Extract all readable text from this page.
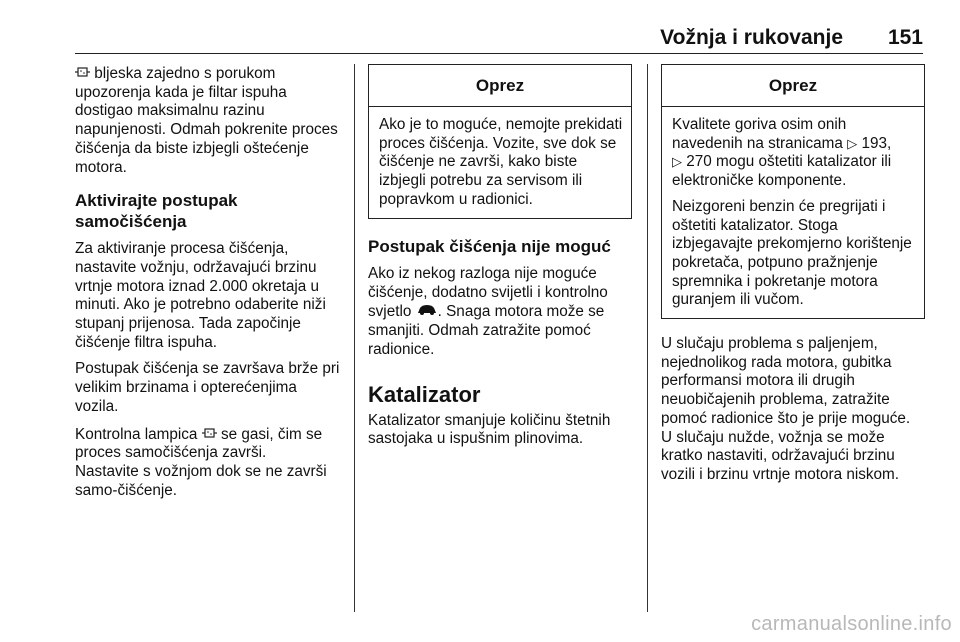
Vožnja i rukovanje 151

bljeska zajedno s porukom upozorenja kada je filtar ispuha dostigao maksimalnu razinu napunjenosti. Odmah pokrenite proces čišćenja da biste izbjegli oštećenje motora.

Aktivirajte postupak samočišćenja

Za aktiviranje procesa čišćenja, nastavite vožnju, održavajući brzinu vrtnje motora iznad 2.000 okretaja u minuti. Ako je potrebno odaberite niži stupanj prijenosa. Tada započinje čišćenje filtra ispuha.

Postupak čišćenja se završava brže pri velikim brzinama i opterećenjima vozila.

Kontrolna lampica  se gasi, čim se proces samočišćenja završi.

Nastavite s vožnjom dok se ne završi samo-čišćenje.

Oprez

Ako je to moguće, nemojte prekidati proces čišćenja. Vozite, sve dok se čišćenje ne završi, kako biste izbjegli potrebu za servisom ili popravkom u radionici.

Postupak čišćenja nije moguć

Ako iz nekog razloga nije moguće čišćenje, dodatno svijetli i kontrolno svjetlo . Snaga motora može se smanjiti. Odmah zatražite pomoć radionice.

Katalizator

Katalizator smanjuje količinu štetnih sastojaka u ispušnim plinovima.

Oprez

Kvalitete goriva osim onih navedenih na stranicama ▷ 193,
▷ 270 mogu oštetiti katalizator ili elektroničke komponente.

Neizgoreni benzin će pregrijati i oštetiti katalizator. Stoga izbjegavajte prekomjerno korištenje pokretača, potpuno pražnjenje spremnika i pokretanje motora guranjem ili vučom.

U slučaju problema s paljenjem, nejednolikog rada motora, gubitka performansi motora ili drugih neuobičajenih problema, zatražite pomoć radionice što je prije moguće. U slučaju nužde, vožnja se može kratko nastaviti, održavajući brzinu vozili i brzinu vrtnje motora niskom.

carmanualsonline.info
